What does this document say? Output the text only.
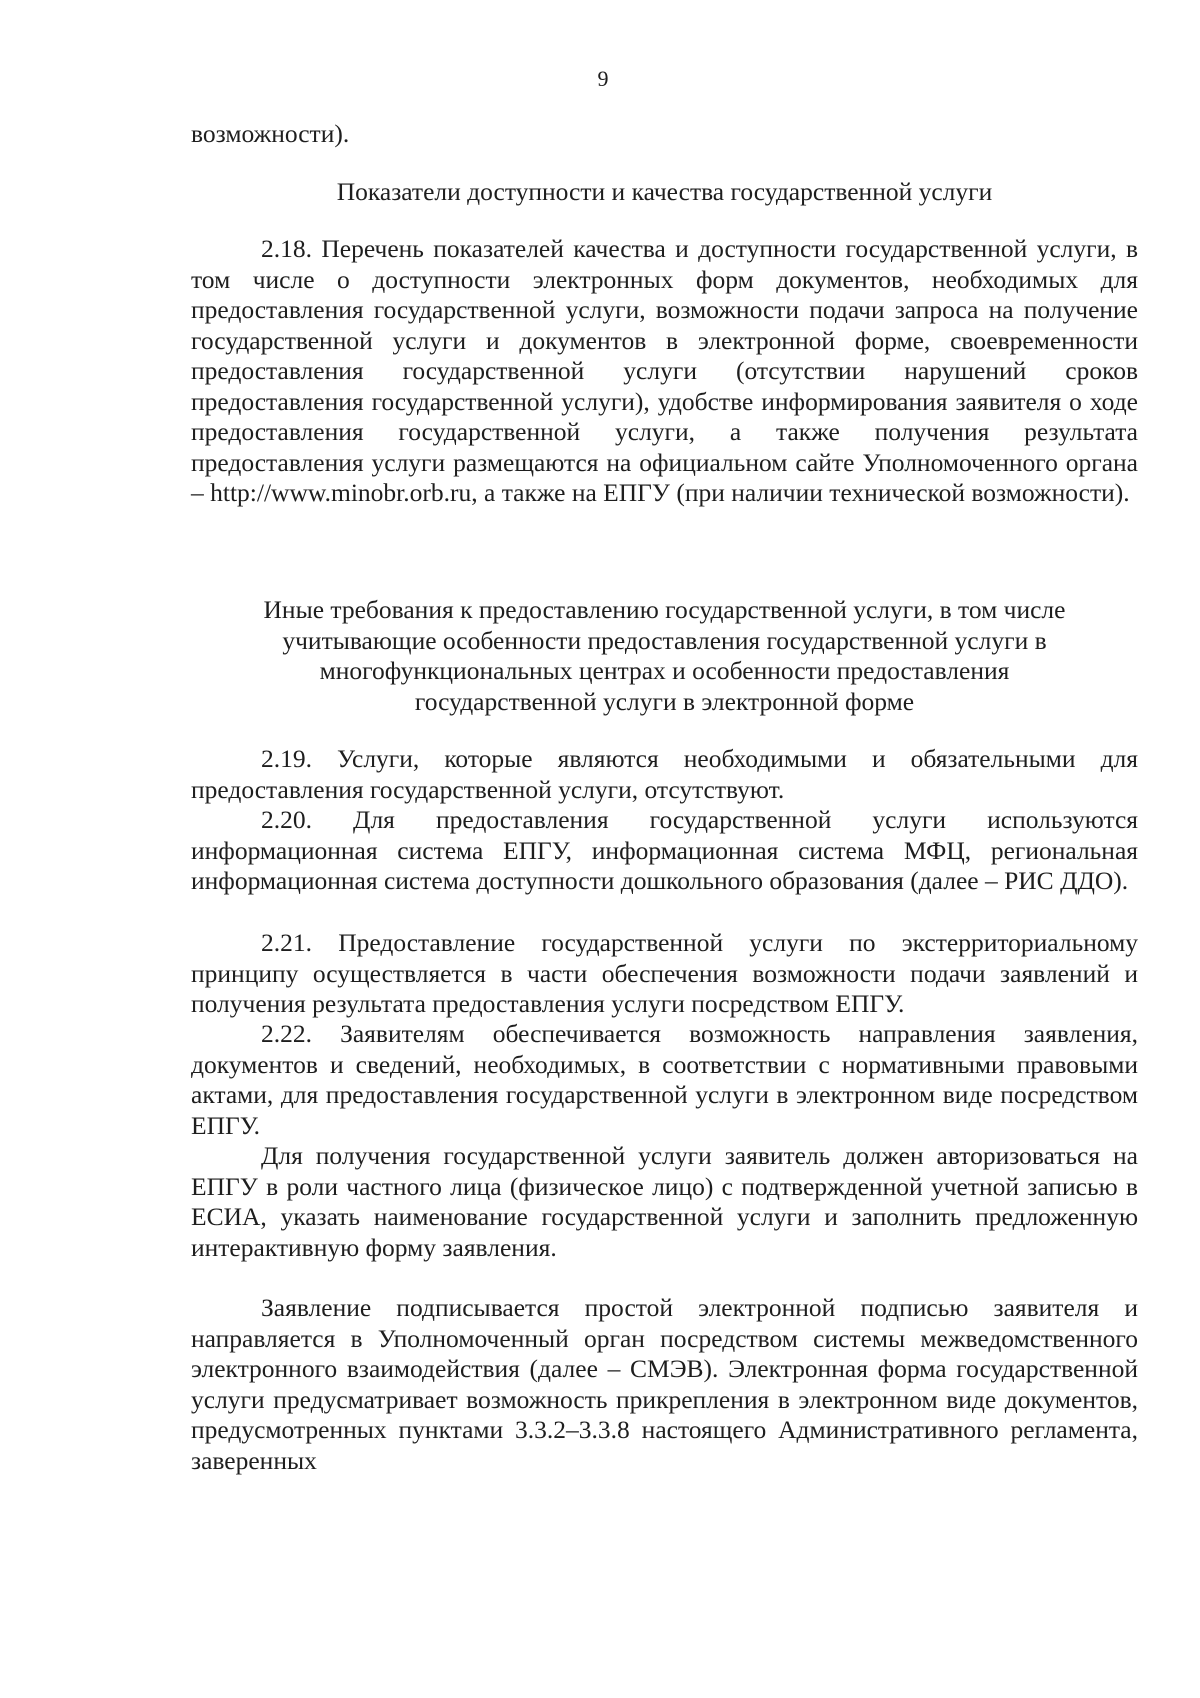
9

возможности).

Показатели доступности и качества государственной услуги

2.18. Перечень показателей качества и доступности государственной услуги, в том числе о доступности электронных форм документов, необходимых для предоставления государственной услуги, возможности подачи запроса на получение государственной услуги и документов в электронной форме, своевременности предоставления государственной услуги (отсутствии нарушений сроков предоставления государственной услуги), удобстве информирования заявителя о ходе предоставления государственной услуги, а также получения результата предоставления услуги размещаются на официальном сайте Уполномоченного органа – http://www.minobr.orb.ru, а также на ЕПГУ (при наличии технической возможности).

Иные требования к предоставлению государственной услуги, в том числе
учитывающие особенности предоставления государственной услуги в
многофункциональных центрах и особенности предоставления
государственной услуги в электронной форме

2.19. Услуги, которые являются необходимыми и обязательными для предоставления государственной услуги, отсутствуют.

2.20. Для предоставления государственной услуги используются информационная система ЕПГУ, информационная система МФЦ, региональная информационная система доступности дошкольного образования (далее – РИС ДДО).

2.21. Предоставление государственной услуги по экстерриториальному принципу осуществляется в части обеспечения возможности подачи заявлений и получения результата предоставления услуги посредством ЕПГУ.

2.22. Заявителям обеспечивается возможность направления заявления, документов и сведений, необходимых, в соответствии с нормативными правовыми актами, для предоставления государственной услуги в электронном виде посредством ЕПГУ.

Для получения государственной услуги заявитель должен авторизоваться на ЕПГУ в роли частного лица (физическое лицо) с подтвержденной учетной записью в ЕСИА, указать наименование государственной услуги и заполнить предложенную интерактивную форму заявления.

Заявление подписывается простой электронной подписью заявителя и направляется в Уполномоченный орган посредством системы межведомственного электронного взаимодействия (далее – СМЭВ). Электронная форма государственной услуги предусматривает возможность прикрепления в электронном виде документов, предусмотренных пунктами 3.3.2–3.3.8 настоящего Административного регламента, заверенных
